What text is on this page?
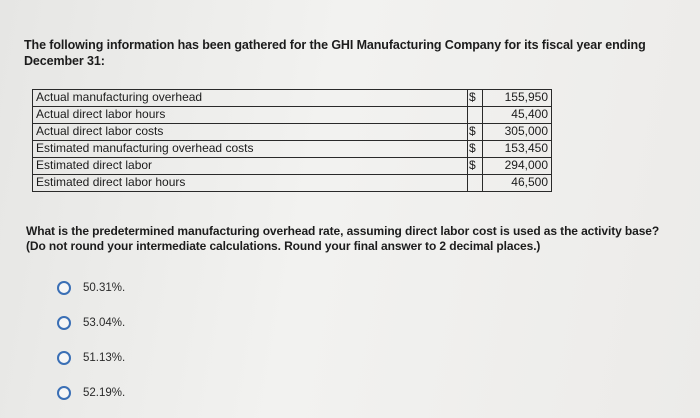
The following information has been gathered for the GHI Manufacturing Company for its fiscal year ending December 31:
Actual manufacturing overhead	$	155,950
Actual direct labor hours		45,400
Actual direct labor costs	$	305,000
Estimated manufacturing overhead costs	$	153,450
Estimated direct labor	$	294,000
Estimated direct labor hours		46,500
What is the predetermined manufacturing overhead rate, assuming direct labor cost is used as the activity base? (Do not round your intermediate calculations. Round your final answer to 2 decimal places.)
50.31%.
53.04%.
51.13%.
52.19%.
